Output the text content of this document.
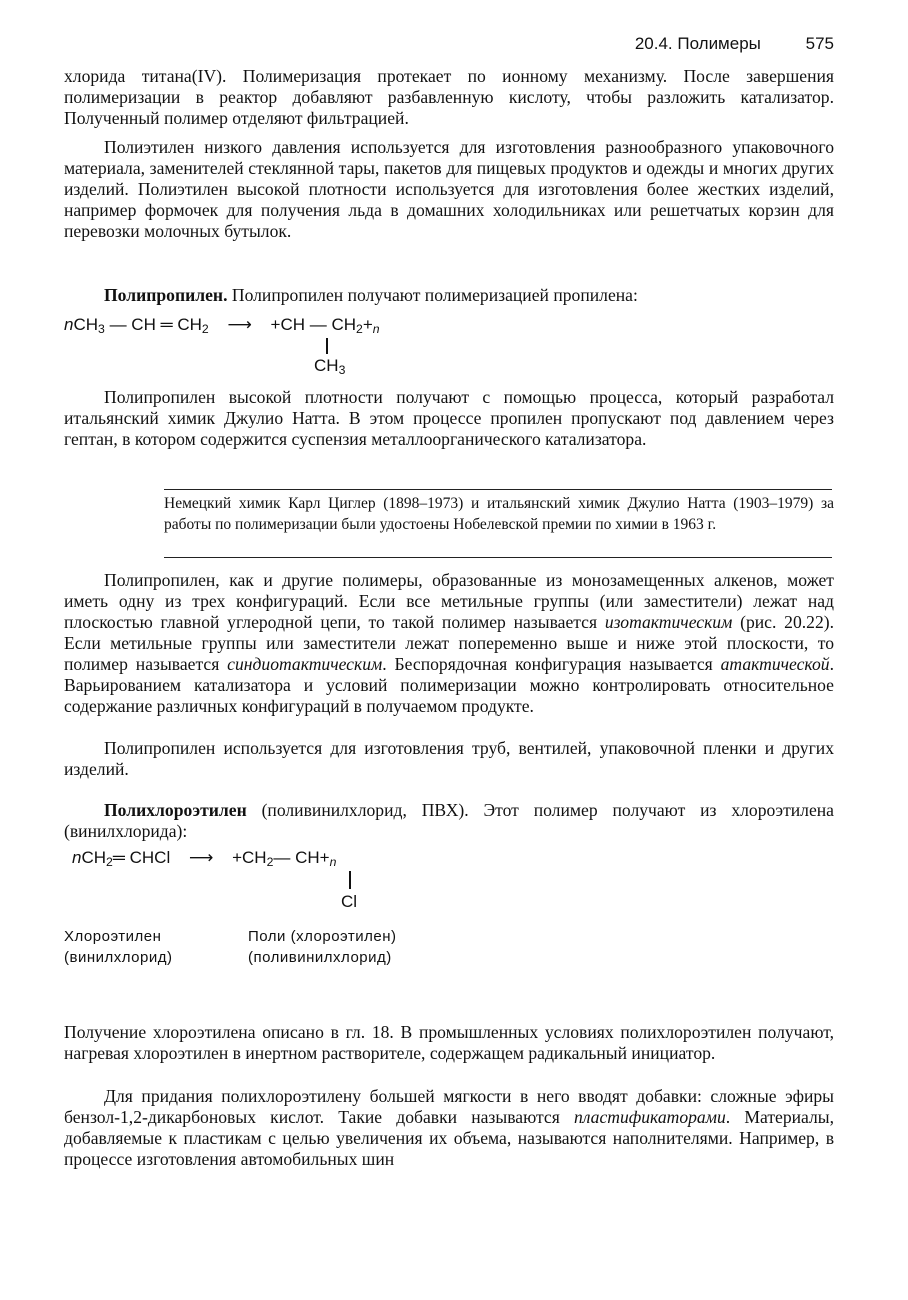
20.4. Полимеры	575

хлорида титана(IV). Полимеризация протекает по ионному механизму. После завершения полимеризации в реактор добавляют разбавленную кислоту, чтобы разложить катализатор. Полученный полимер отделяют фильтрацией.

Полиэтилен низкого давления используется для изготовления разнообразного упаковочного материала, заменителей стеклянной тары, пакетов для пищевых продуктов и одежды и многих других изделий. Полиэтилен высокой плотности используется для изготовления более жестких изделий, например формочек для получения льда в домашних холодильниках или решетчатых корзин для перевозки молочных бутылок.

Полипропилен. Полипропилен получают полимеризацией пропилена:

nCH$_3$ — CH ═ $CH_2$ ⟶ +CH — $CH_2+_n$
$CH_3$

Полипропилен высокой плотности получают с помощью процесса, который разработал итальянский химик Джулио Натта. В этом процессе пропилен пропускают под давлением через гептан, в котором содержится суспензия металлоорганического катализатора.

Немецкий химик Карл Циглер (1898–1973) и итальянский химик Джулио Натта (1903–1979) за работы по полимеризации были удостоены Нобелевской премии по химии в 1963 г.

Полипропилен, как и другие полимеры, образованные из монозамещенных алкенов, может иметь одну из трех конфигураций. Если все метильные группы (или заместители) лежат над плоскостью главной углеродной цепи, то такой полимер называется изотактическим (рис. 20.22). Если метильные группы или заместители лежат попеременно выше и ниже этой плоскости, то полимер называется синдиотактическим. Беспорядочная конфигурация называется атактической. Варьированием катализатора и условий полимеризации можно контролировать относительное содержание различных конфигураций в получаемом продукте.

Полипропилен используется для изготовления труб, вентилей, упаковочной пленки и других изделий.

Полихлороэтилен (поливинилхлорид, ПВХ). Этот полимер получают из хлороэтилена (винилхлорида):

nCH$_2$═ CHCl ⟶ $+CH_2—$ $CH+_n$
Cl
Хлороэтилен
(винилхлорид)
Поли (хлороэтилен)
(поливинилхлорид)

Получение хлороэтилена описано в гл. 18. В промышленных условиях полихлороэтилен получают, нагревая хлороэтилен в инертном растворителе, содержащем радикальный инициатор.

Для придания полихлороэтилену большей мягкости в него вводят добавки: сложные эфиры бензол-1,2-дикарбоновых кислот. Такие добавки называются пластификаторами. Материалы, добавляемые к пластикам с целью увеличения их объема, называются наполнителями. Например, в процессе изготовления автомобильных шин
